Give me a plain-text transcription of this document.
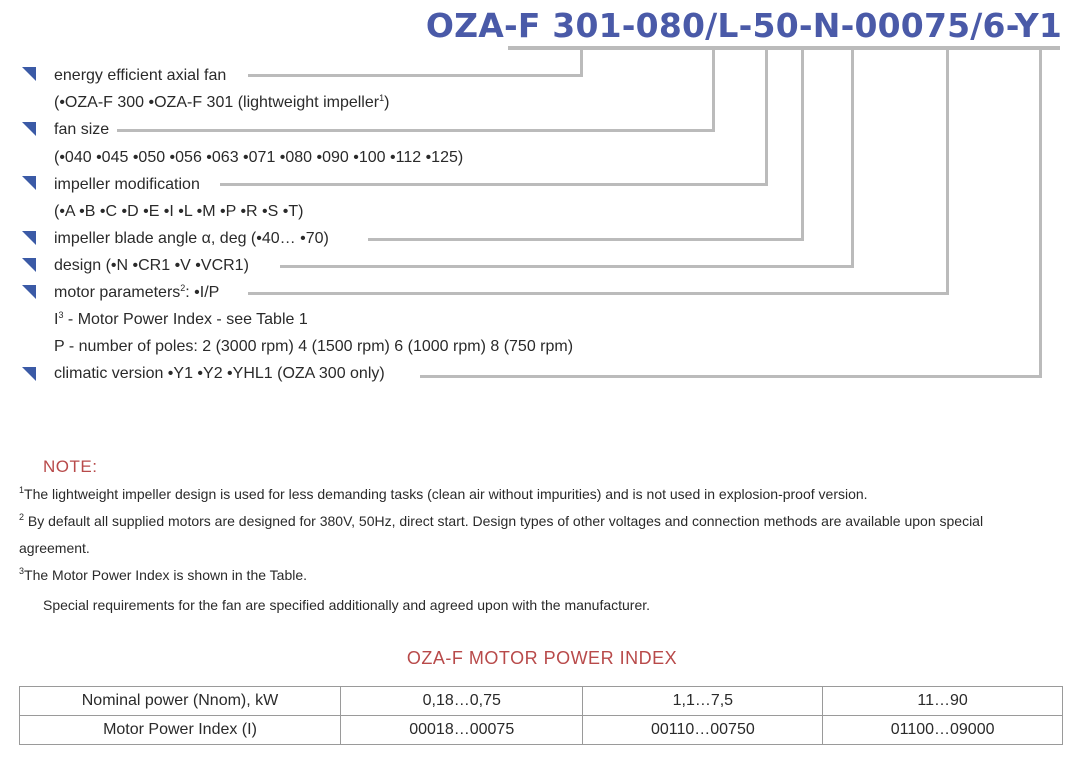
OZA-F 301-080/L-50-N-00075/6-Y1
energy efficient axial fan
(•OZA-F 300 •OZA-F 301 (lightweight impeller$^1$)
fan size
(•040 •045 •050 •056 •063 •071 •080 •090 •100 •112 •125)
impeller modification
(•A •B •C •D •E •I •L •M •P •R •S •T)
impeller blade angle α, deg (•40… •70)
design (•N •CR1 •V •VCR1)
motor parameters$^2$: •I/P
$I^3$ - Motor Power Index - see Table 1
P - number of poles: 2 (3000 rpm) 4 (1500 rpm) 6 (1000 rpm) 8 (750 rpm)
climatic version •Y1 •Y2 •YHL1 (OZA 300 only)
NOTE:
$^1$The lightweight impeller design is used for less demanding tasks (clean air without impurities) and is not used in explosion-proof version.
$^2$ By default all supplied motors are designed for 380V, 50Hz, direct start. Design types of other voltages and connection methods are available upon special
agreement.
$^3$The Motor Power Index is shown in the Table.
Special requirements for the fan are specified additionally and agreed upon with the manufacturer.
OZA-F MOTOR POWER INDEX
Nominal power (Nnom), kW	0,18…0,75	1,1…7,5	11…90
Motor Power Index (I)	00018…00075	00110…00750	01100…09000
